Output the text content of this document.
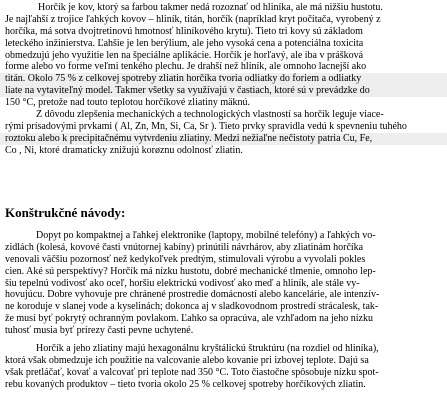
Horčík je kov, ktorý sa farbou takmer nedá rozoznať od hliníka, ale má nižšiu hustotu.
Je najľahší z trojice ľahkých kovov – hliník, titán, horčík (napríklad kryt počítača, vyrobený z
horčíka, má sotva dvojtretinovú hmotnosť hliníkového krytu). Tieto tri kovy sú základom
leteckého inžinierstva. Ľahšie je len berýlium, ale jeho vysoká cena a potenciálna toxicita
obmedzujú jeho využitie len na špeciálne aplikácie. Horčík je horľavý, ale iba v prášková
forme alebo vo forme veľmi tenkého plechu. Je drahší než hliník, ale omnoho lacnejší ako
titán. Okolo 75 % z celkovej spotreby zliatin horčíka tvoria odliatky do foriem a odliatky
liate na vytaviteľný model. Takmer všetky sa využívajú v častiach, ktoré sú v prevádzke do
150 °C, pretože nad touto teplotou horčíkové zliatiny mäknú.
Z dôvodu zlepšenia mechanických a technologických vlastností sa horčík leguje viace-
rými prísadovými prvkami ( Al, Zn, Mn, Si, Ca, Sr ). Tieto prvky spravidla vedú k spevneniu tuhého
roztoku alebo k precipitačnému vytvrdeniu zliatiny. Medzi nežiaľne nečistoty patria Cu, Fe,
Co , Ni, ktoré dramaticky znižujú korøznu odolnosť zliatin.
Konštrukčné návody:
Dopyt po kompaktnej a ľahkej elektronike (laptopy, mobilné telefóny) a ľahkých vo-
zidlách (kolesá, kovové časti vnútornej kabíny) prinútili návrhárov, aby zliatinám horčíka
venovali väčšiu pozornosť než kedykoľvek predtým, stimulovali výrobu a vyvolali pokles
cien. Aké sú perspektívy? Horčík má nízku hustotu, dobré mechanické tlmenie, omnoho lep-
šiu tepelnú vodivosť ako oceľ, horšiu elektrickú vodivosť ako meď a hliník, ale stále vy-
hovujúcu. Dobre vyhovuje pre chránené prostredie domácností alebo kancelárie, ale intenzív-
ne koroduje v slanej vode a kyselinách; dokonca aj v sladkovodnom prostredí strácalesk, tak-
že musí byť pokrytý ochranným povlakom. Ľahko sa opracúva, ale vzhľadom na jeho nízku
tuhosť musia byť prírezy časti pevne uchytené.
Horčík a jeho zliatiny majú hexagonálnu kryštálickú štruktúru (na rozdiel od hliníka),
ktorá však obmedzuje ich použitie na valcovanie alebo kovanie pri izbovej teplote. Dajú sa
však pretláčať, kovať a valcovať pri teplote nad 350 °C. Toto čiastočne spôsobuje nízku spot-
rebu kovaných produktov – tieto tvoria okolo 25 % celkovej spotreby horčíkových zliatin.
